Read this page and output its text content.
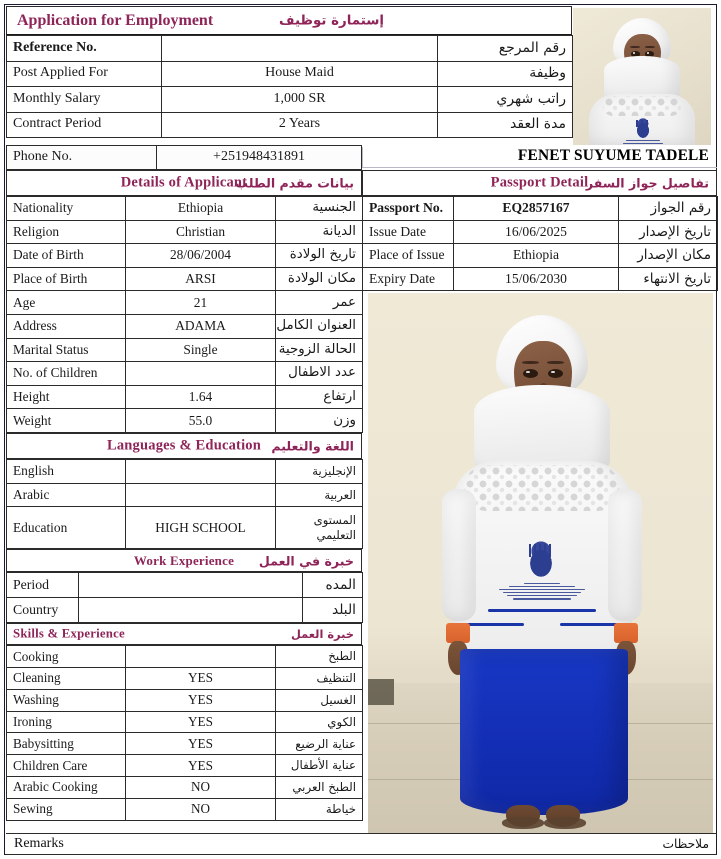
Application for Employment	إستمارة توظيف
Reference No.		رقم المرجع
Post Applied For	House Maid	وظيفة
Monthly Salary	1,000 SR	راتب شهري
Contract Period	2 Years	مدة العقد
Phone No.	+251948431891	FENET SUYUME TADELE
Details of Applicant
بيانات مقدم الطلب
Nationality	Ethiopia	الجنسية
Religion	Christian	الديانة
Date of Birth	28/06/2004	تاريخ الولادة
Place of Birth	ARSI	مكان الولادة
Age	21	عمر
Address	ADAMA	العنوان الكامل
Marital Status	Single	الحالة الزوجية
No. of Children		عدد الاطفال
Height	1.64	ارتفاع
Weight	55.0	وزن
Languages & Education اللغة والتعليم
English		الإنجليزية
Arabic		العربية
Education	HIGH SCHOOL	المستوى التعليمي
Work Experience	خبرة في العمل
Period		المده
Country		البلد
Skills & Experience	خبرة العمل
Cooking		الطبخ
Cleaning	YES	التنظيف
Washing	YES	الغسيل
Ironing	YES	الكوي
Babysitting	YES	عناية الرضيع
Children Care	YES	عناية الأطفال
Arabic Cooking	NO	الطبخ العربي
Sewing	NO	خياطة
Passport Detail
تفاصيل جواز السفر
Passport No.	EQ2857167	رقم الجواز
Issue Date	16/06/2025	تاريخ الإصدار
Place of Issue	Ethiopia	مكان الإصدار
Expiry Date	15/06/2030	تاريخ الانتهاء
Remarks	ملاحظات
